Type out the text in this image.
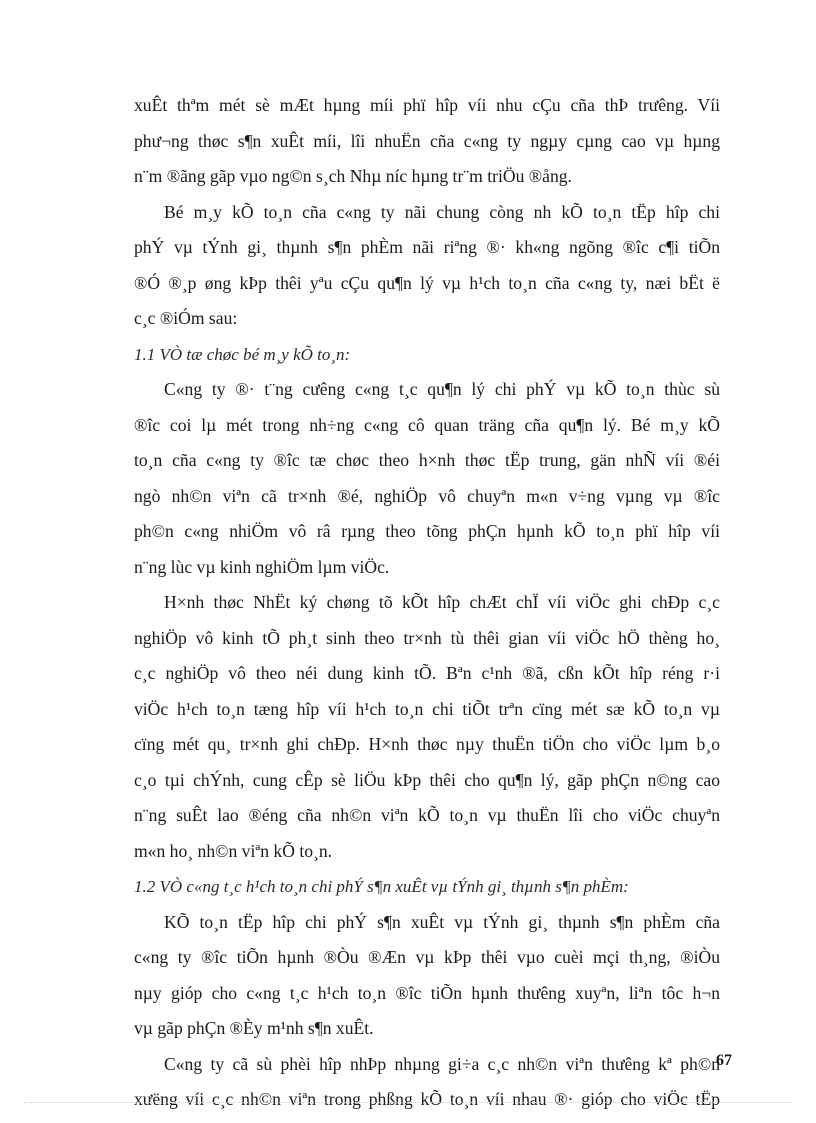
xuÊt thªm mét sè mÆt hµng míi phï hîp víi nhu cÇu cña thÞ trưêng. Víi
phư¬ng thøc s¶n xuÊt míi, lîi nhuËn cña c«ng ty ngµy cµng cao vµ hµng
n¨m ®ãng gãp vµo ng©n s¸ch Nhµ níc hµng tr¨m triÖu ®ång.
Bé m¸y kÕ to¸n cña c«ng ty nãi chung còng nh kÕ to¸n tËp hîp chi
phÝ vµ tÝnh gi¸ thµnh s¶n phÈm nãi riªng ®· kh«ng ngõng ®îc c¶i tiÕn
®Ó ®¸p øng kÞp thêi yªu cÇu qu¶n lý vµ h¹ch to¸n cña c«ng ty, næi bËt ë
c¸c ®iÓm sau:
1.1 VÒ tæ chøc bé m¸y kÕ to¸n:
C«ng ty ®· t¨ng cưêng c«ng t¸c qu¶n lý chi phÝ vµ kÕ to¸n thùc sù
®îc coi lµ mét trong nh÷ng c«ng cô quan träng cña qu¶n lý. Bé m¸y kÕ
to¸n cña c«ng ty ®îc tæ chøc theo h×nh thøc tËp trung, gän nhÑ víi ®éi
ngò nh©n viªn cã tr×nh ®é, nghiÖp vô chuyªn m«n v÷ng vµng vµ ®îc
ph©n c«ng nhiÖm vô râ rµng theo tõng phÇn hµnh kÕ to¸n phï hîp víi
n¨ng lùc vµ kinh nghiÖm lµm viÖc.
H×nh thøc NhËt ký chøng tõ kÕt hîp chÆt chÏ víi viÖc ghi chÐp c¸c
nghiÖp vô kinh tÕ ph¸t sinh theo tr×nh tù thêi gian víi viÖc hÖ thèng ho¸
c¸c nghiÖp vô theo néi dung kinh tÕ. Bªn c¹nh ®ã, cßn kÕt hîp réng r·i
viÖc h¹ch to¸n tæng hîp víi h¹ch to¸n chi tiÕt trªn cïng mét sæ kÕ to¸n vµ
cïng mét qu¸ tr×nh ghi chÐp. H×nh thøc nµy thuËn tiÖn cho viÖc lµm b¸o
c¸o tµi chÝnh, cung cÊp sè liÖu kÞp thêi cho qu¶n lý, gãp phÇn n©ng cao
n¨ng suÊt lao ®éng cña nh©n viªn kÕ to¸n vµ thuËn lîi cho viÖc chuyªn
m«n ho¸ nh©n viªn kÕ to¸n.
1.2 VÒ c«ng t¸c h¹ch to¸n chi phÝ s¶n xuÊt vµ tÝnh gi¸ thµnh s¶n phÈm:
KÕ to¸n tËp hîp chi phÝ s¶n xuÊt vµ tÝnh gi¸ thµnh s¶n phÈm cña
c«ng ty ®îc tiÕn hµnh ®Òu ®Æn vµ kÞp thêi vµo cuèi mçi th¸ng, ®iÒu
nµy gióp cho c«ng t¸c h¹ch to¸n ®îc tiÕn hµnh thưêng xuyªn, liªn tôc h¬n
vµ gãp phÇn ®Èy m¹nh s¶n xuÊt.
C«ng ty cã sù phèi hîp nhÞp nhµng gi÷a c¸c nh©n viªn thưêng kª ph©n
xưëng víi c¸c nh©n viªn trong phßng kÕ to¸n víi nhau ®· gióp cho viÖc tËp
67
